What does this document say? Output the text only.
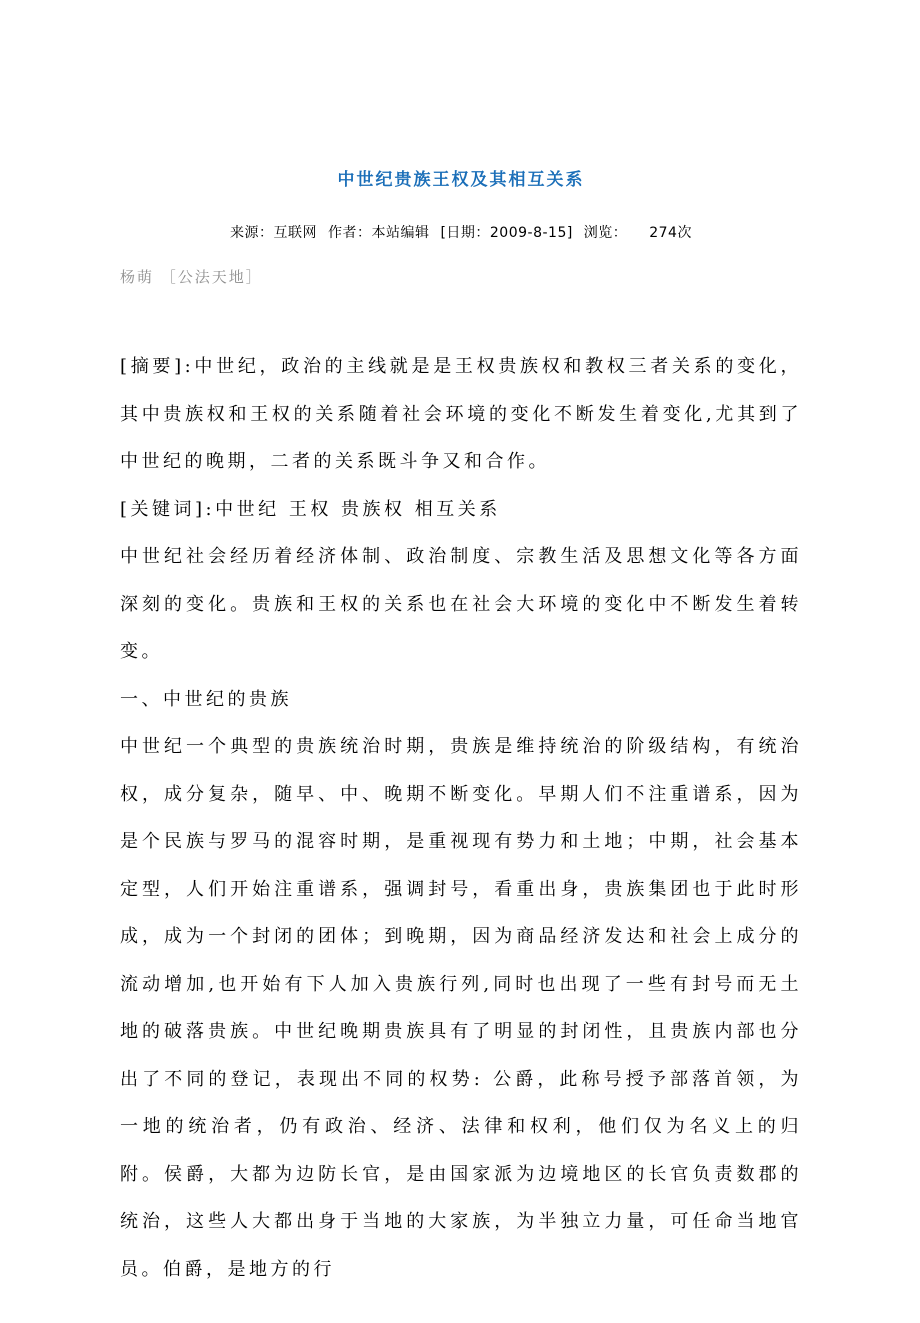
中世纪贵族王权及其相互关系
来源：互联网 作者：本站编辑 [日期：2009-8-15] 浏览： 274次
杨萌 ［公法天地］

[摘要]:中世纪，政治的主线就是是王权贵族权和教权三者关系的变化，其中贵族权和王权的关系随着社会环境的变化不断发生着变化,尤其到了中世纪的晚期，二者的关系既斗争又和合作。

[关键词]:中世纪 王权 贵族权 相互关系

中世纪社会经历着经济体制、政治制度、宗教生活及思想文化等各方面深刻的变化。贵族和王权的关系也在社会大环境的变化中不断发生着转变。

一、中世纪的贵族

中世纪一个典型的贵族统治时期，贵族是维持统治的阶级结构，有统治权，成分复杂，随早、中、晚期不断变化。早期人们不注重谱系，因为是个民族与罗马的混容时期，是重视现有势力和土地；中期，社会基本定型，人们开始注重谱系，强调封号，看重出身，贵族集团也于此时形成，成为一个封闭的团体；到晚期，因为商品经济发达和社会上成分的流动增加,也开始有下人加入贵族行列,同时也出现了一些有封号而无土地的破落贵族。中世纪晚期贵族具有了明显的封闭性，且贵族内部也分出了不同的登记，表现出不同的权势: 公爵，此称号授予部落首领，为一地的统治者，仍有政治、经济、法律和权利，他们仅为名义上的归附。侯爵，大都为边防长官，是由国家派为边境地区的长官负责数郡的统治，这些人大都出身于当地的大家族，为半独立力量，可任命当地官员。伯爵，是地方的行
